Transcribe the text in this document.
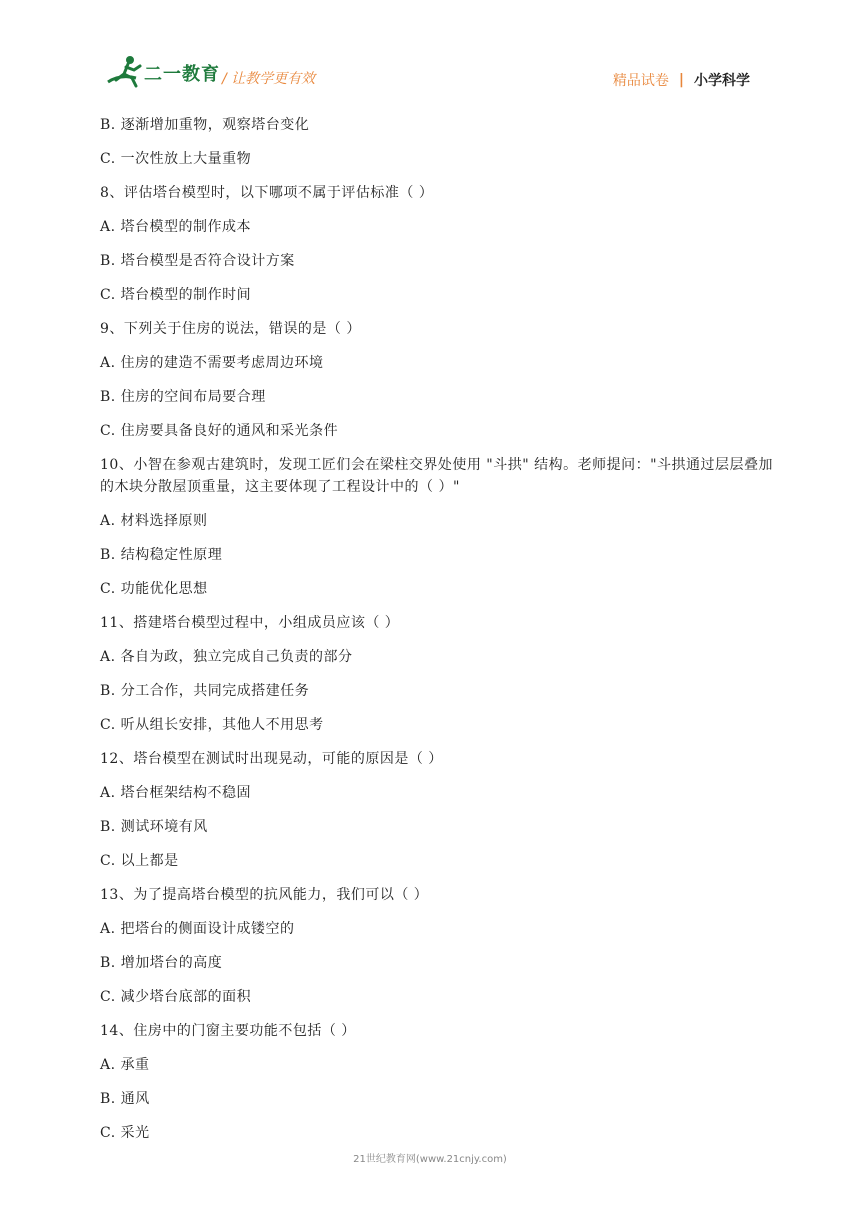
二一教育 / 让教学更有效	精品试卷 | 小学科学

B. 逐渐增加重物，观察塔台变化

C. 一次性放上大量重物

8、评估塔台模型时，以下哪项不属于评估标准（ ）

A. 塔台模型的制作成本

B. 塔台模型是否符合设计方案

C. 塔台模型的制作时间

9、下列关于住房的说法，错误的是（ ）

A. 住房的建造不需要考虑周边环境

B. 住房的空间布局要合理

C. 住房要具备良好的通风和采光条件

10、小智在参观古建筑时，发现工匠们会在梁柱交界处使用 "斗拱" 结构。老师提问："斗拱通过层层叠加的木块分散屋顶重量，这主要体现了工程设计中的（ ）"

A. 材料选择原则

B. 结构稳定性原理

C. 功能优化思想

11、搭建塔台模型过程中，小组成员应该（ ）

A. 各自为政，独立完成自己负责的部分

B. 分工合作，共同完成搭建任务

C. 听从组长安排，其他人不用思考

12、塔台模型在测试时出现晃动，可能的原因是（ ）

A. 塔台框架结构不稳固

B. 测试环境有风

C. 以上都是

13、为了提高塔台模型的抗风能力，我们可以（ ）

A. 把塔台的侧面设计成镂空的

B. 增加塔台的高度

C. 减少塔台底部的面积

14、住房中的门窗主要功能不包括（ ）

A. 承重

B. 通风

C. 采光

21世纪教育网(www.21cnjy.com)
